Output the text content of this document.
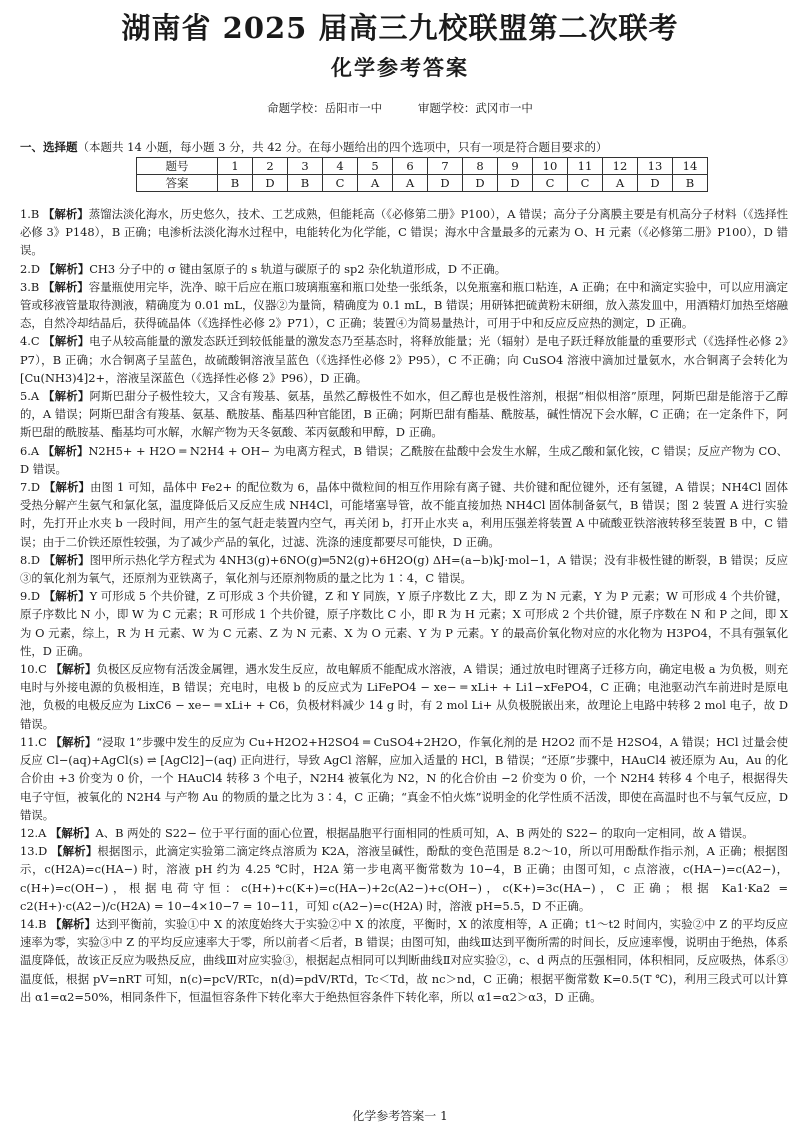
湖南省 2025 届高三九校联盟第二次联考
化学参考答案
命题学校：岳阳市一中	审题学校：武冈市一中
一、选择题（本题共 14 小题，每小题 3 分，共 42 分。在每小题给出的四个选项中，只有一项是符合题目要求的）
题号	1	2	3	4	5	6	7	8	9	10	11	12	13	14
答案	B	D	B	C	A	A	D	D	D	C	C	A	D	B
1.B 【解析】蒸馏法淡化海水，历史悠久，技术、工艺成熟，但能耗高（《必修第二册》P100），A 错误；高分子分离膜主要是有机高分子材料（《选择性必修 3》P148），B 正确；电渗析法淡化海水过程中，电能转化为化学能，C 错误；海水中含量最多的元素为 O、H 元素（《必修第二册》P100），D 错误。
2.D 【解析】CH3 分子中的 σ 键由氢原子的 s 轨道与碳原子的 sp2 杂化轨道形成，D 不正确。
3.B 【解析】容量瓶使用完毕，洗净、晾干后应在瓶口玻璃瓶塞和瓶口处垫一张纸条，以免瓶塞和瓶口粘连，A 正确；在中和滴定实验中，可以应用滴定管或移液管量取待测液，精确度为 0.01 mL，仪器②为量筒，精确度为 0.1 mL，B 错误；用研钵把硫黄粉末研细，放入蒸发皿中，用酒精灯加热至熔融态，自然冷却结晶后，获得硫晶体（《选择性必修 2》P71），C 正确；装置④为简易量热计，可用于中和反应反应热的测定，D 正确。
4.C 【解析】电子从较高能量的激发态跃迁到较低能量的激发态乃至基态时，将释放能量；光（辐射）是电子跃迁释放能量的重要形式（《选择性必修 2》P7），B 正确；水合铜离子呈蓝色，故硫酸铜溶液呈蓝色（《选择性必修 2》P95），C 不正确；向 CuSO4 溶液中滴加过量氨水，水合铜离子会转化为[Cu(NH3)4]2+，溶液呈深蓝色（《选择性必修 2》P96），D 正确。
5.A 【解析】阿斯巴甜分子极性较大，又含有羧基、氨基，虽然乙醇极性不如水，但乙醇也是极性溶剂，根据“相似相溶”原理，阿斯巴甜是能溶于乙醇的，A 错误；阿斯巴甜含有羧基、氨基、酰胺基、酯基四种官能团，B 正确；阿斯巴甜有酯基、酰胺基，碱性情况下会水解，C 正确；在一定条件下，阿斯巴甜的酰胺基、酯基均可水解，水解产物为天冬氨酸、苯丙氨酸和甲醇，D 正确。
6.A 【解析】N2H5+ + H2O ═ N2H4 + OH− 为电离方程式，B 错误；乙酰胺在盐酸中会发生水解，生成乙酸和氯化铵，C 错误；反应产物为 CO、D 错误。
7.D 【解析】由图 1 可知，晶体中 Fe2+ 的配位数为 6，晶体中微粒间的相互作用除有离子键、共价键和配位键外，还有氢键，A 错误；NH4Cl 固体受热分解产生氨气和氯化氢，温度降低后又反应生成 NH4Cl，可能堵塞导管，故不能直接加热 NH4Cl 固体制备氨气，B 错误；图 2 装置 A 进行实验时，先打开止水夹 b 一段时间，用产生的氢气赶走装置内空气，再关闭 b，打开止水夹 a，利用压强差将装置 A 中硫酸亚铁溶液转移至装置 B 中，C 错误；由于二价铁还原性较强，为了减少产品的氧化，过滤、洗涤的速度都要尽可能快，D 正确。
8.D 【解析】图甲所示热化学方程式为 4NH3(g)+6NO(g)═5N2(g)+6H2O(g) ΔH=(a−b)kJ·mol−1，A 错误；没有非极性键的断裂，B 错误；反应③的氧化剂为氧气，还原剂为亚铁离子，氧化剂与还原剂物质的量之比为 1∶4，C 错误。
9.D 【解析】Y 可形成 5 个共价键，Z 可形成 3 个共价键，Z 和 Y 同族，Y 原子序数比 Z 大，即 Z 为 N 元素，Y 为 P 元素；W 可形成 4 个共价键，原子序数比 N 小，即 W 为 C 元素；R 可形成 1 个共价键，原子序数比 C 小，即 R 为 H 元素；X 可形成 2 个共价键，原子序数在 N 和 P 之间，即 X 为 O 元素，综上，R 为 H 元素、W 为 C 元素、Z 为 N 元素、X 为 O 元素、Y 为 P 元素。Y 的最高价氧化物对应的水化物为 H3PO4，不具有强氧化性，D 正确。
10.C 【解析】负极区反应物有活泼金属锂，遇水发生反应，故电解质不能配成水溶液，A 错误；通过放电时锂离子迁移方向，确定电极 a 为负极，则充电时与外接电源的负极相连，B 错误；充电时，电极 b 的反应式为 LiFePO4 − xe− ═ xLi+ + Li1−xFePO4，C 正确；电池驱动汽车前进时是原电池，负极的电极反应为 LixC6 − xe− ═ xLi+ + C6，负极材料减少 14 g 时，有 2 mol Li+ 从负极脱嵌出来，故理论上电路中转移 2 mol 电子，故 D 错误。
11.C 【解析】“浸取 1”步骤中发生的反应为 Cu+H2O2+H2SO4 ═ CuSO4+2H2O，作氧化剂的是 H2O2 而不是 H2SO4，A 错误；HCl 过量会使反应 Cl−(aq)+AgCl(s) ⇌ [AgCl2]−(aq) 正向进行，导致 AgCl 溶解，应加入适量的 HCl，B 错误；“还原”步骤中，HAuCl4 被还原为 Au，Au 的化合价由 +3 价变为 0 价，一个 HAuCl4 转移 3 个电子，N2H4 被氧化为 N2，N 的化合价由 −2 价变为 0 价，一个 N2H4 转移 4 个电子，根据得失电子守恒，被氧化的 N2H4 与产物 Au 的物质的量之比为 3∶4，C 正确；“真金不怕火炼”说明金的化学性质不活泼，即使在高温时也不与氧气反应，D 错误。
12.A 【解析】A、B 两处的 S22− 位于平行面的面心位置，根据晶胞平行面相同的性质可知，A、B 两处的 S22− 的取向一定相同，故 A 错误。
13.D 【解析】根据图示，此滴定实验第二滴定终点溶质为 K2A，溶液呈碱性，酚酞的变色范围是 8.2～10，所以可用酚酞作指示剂，A 正确；根据图示，c(H2A)=c(HA−) 时，溶液 pH 约为 4.25 ℃时，H2A 第一步电离平衡常数为 10−4，B 正确；由图可知，c 点溶液，c(HA−)=c(A2−)，c(H+)=c(OH−)，根据电荷守恒：c(H+)+c(K+)=c(HA−)+2c(A2−)+c(OH−)，c(K+)=3c(HA−)，C 正确；根据 Ka1·Ka2 = c2(H+)·c(A2−)/c(H2A) = 10−4×10−7 = 10−11，可知 c(A2−)=c(H2A) 时，溶液 pH=5.5，D 不正确。
14.B 【解析】达到平衡前，实验①中 X 的浓度始终大于实验②中 X 的浓度，平衡时，X 的浓度相等，A 正确；t1～t2 时间内，实验②中 Z 的平均反应速率为零，实验③中 Z 的平均反应速率大于零，所以前者＜后者，B 错误；由图可知，曲线Ⅲ达到平衡所需的时间长，反应速率慢，说明由于绝热，体系温度降低，故该正反应为吸热反应，曲线Ⅲ对应实验③，根据起点相同可以判断曲线Ⅱ对应实验②，c、d 两点的压强相同，体积相同，反应吸热，体系③温度低，根据 pV=nRT 可知，n(c)=pcV/RTc，n(d)=pdV/RTd，Tc＜Td，故 nc＞nd，C 正确；根据平衡常数 K=0.5(T ℃)，利用三段式可以计算出 α1=α2=50%，相同条件下，恒温恒容条件下转化率大于绝热恒容条件下转化率，所以 α1=α2＞α3，D 正确。
化学参考答案一 1
